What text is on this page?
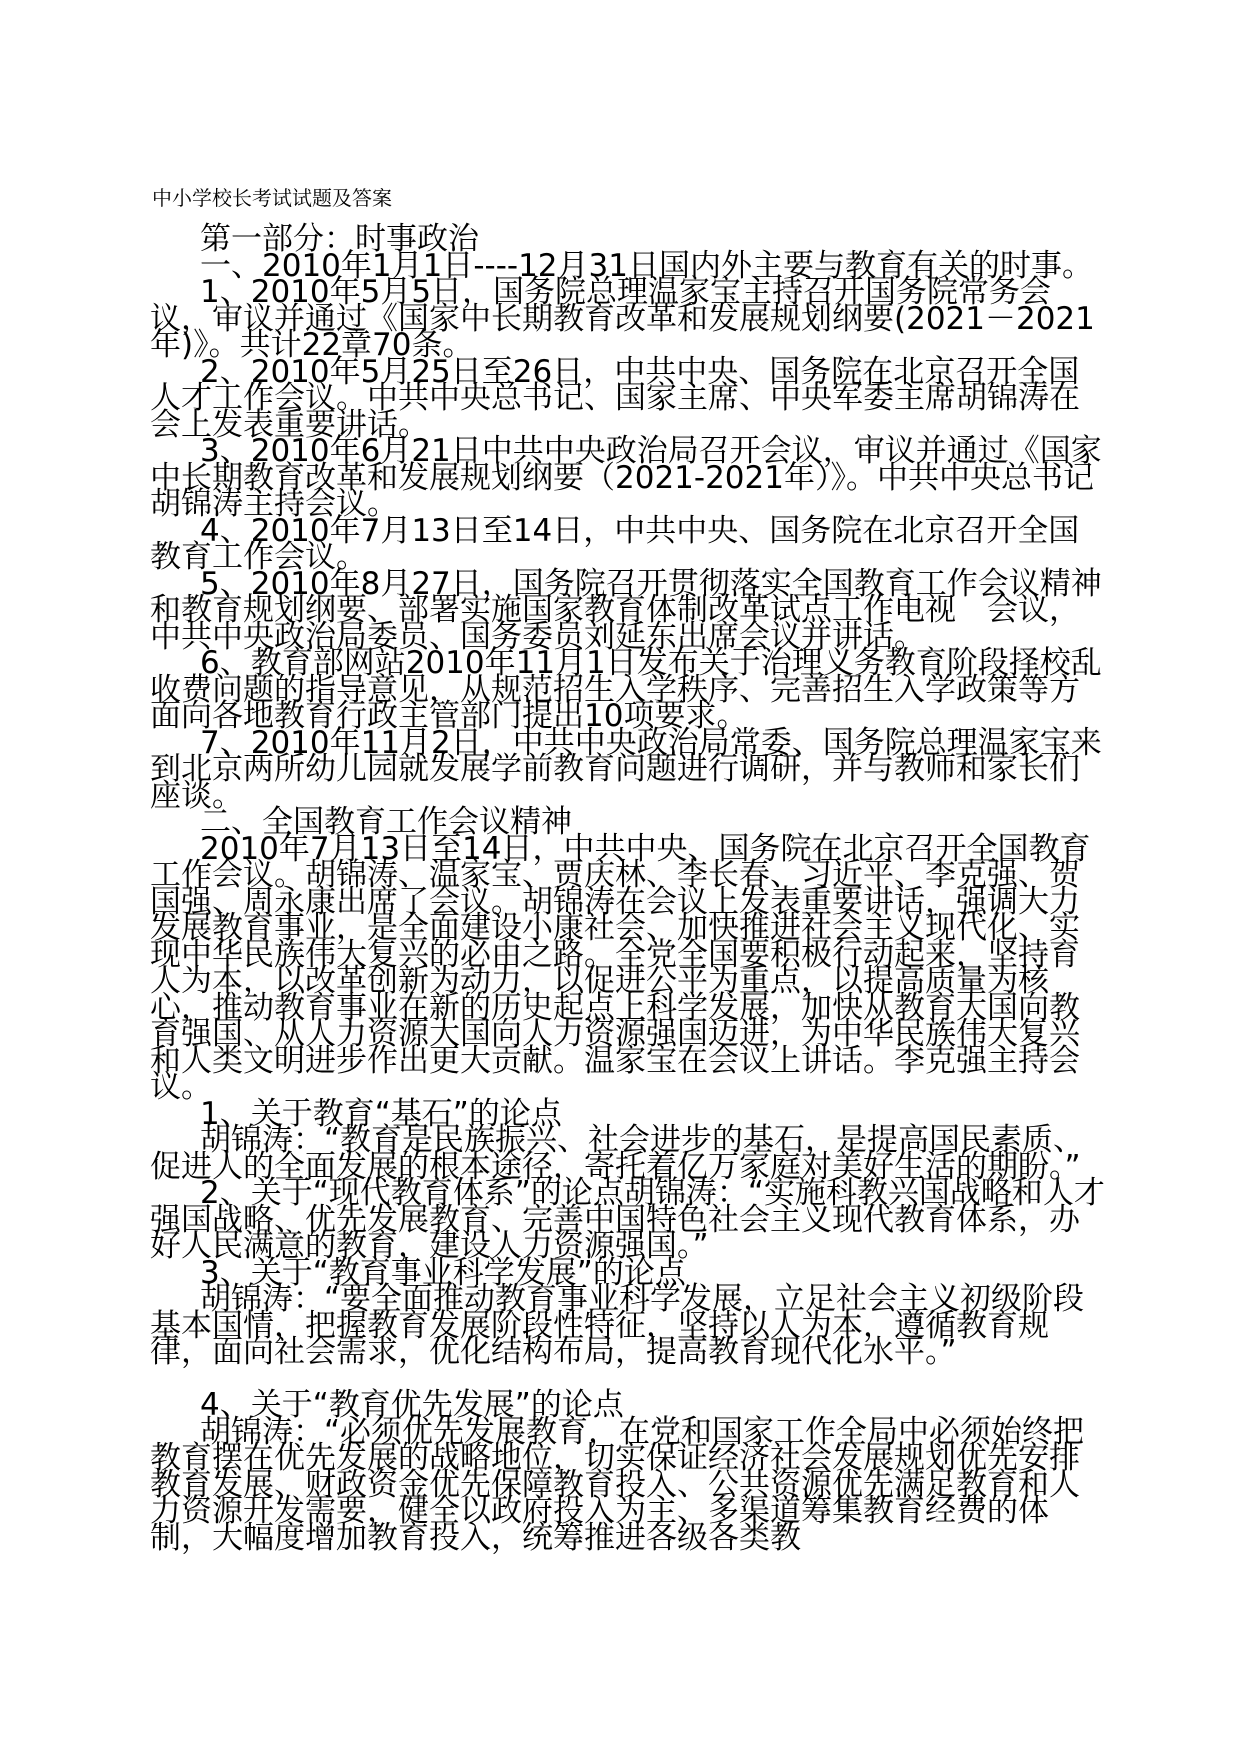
中小学校长考试试题及答案

第一部分：时事政治

一、2010年1月1日----12月31日国内外主要与教育有关的时事。

1、2010年5月5日，国务院总理温家宝主持召开国务院常务会议，审议并通过《国家中长期教育改革和发展规划纲要(2021－2021年)》。共计22章70条。

2、2010年5月25日至26日，中共中央、国务院在北京召开全国人才工作会议。中共中央总书记、国家主席、中央军委主席胡锦涛在会上发表重要讲话。

3、2010年6月21日中共中央政治局召开会议，审议并通过《国家中长期教育改革和发展规划纲要（2021-2021年）》。中共中央总书记胡锦涛主持会议。

4、2010年7月13日至14日，中共中央、国务院在北京召开全国教育工作会议。

5、2010年8月27日，国务院召开贯彻落实全国教育工作会议精神和教育规划纲要、部署实施国家教育体制改革试点工作电视　会议，中共中央政治局委员、国务委员刘延东出席会议并讲话。

6、教育部网站2010年11月1日发布关于治理义务教育阶段择校乱收费问题的指导意见，从规范招生入学秩序、完善招生入学政策等方面向各地教育行政主管部门提出10项要求。

7、2010年11月2日，中共中央政治局常委、国务院总理温家宝来到北京两所幼儿园就发展学前教育问题进行调研，并与教师和家长们座谈。

二、全国教育工作会议精神

2010年7月13日至14日，中共中央、国务院在北京召开全国教育工作会议。胡锦涛、温家宝、贾庆林、李长春、习近平、李克强、贺国强、周永康出席了会议。胡锦涛在会议上发表重要讲话，强调大力发展教育事业，是全面建设小康社会、加快推进社会主义现代化、实现中华民族伟大复兴的必由之路。全党全国要积极行动起来，坚持育人为本，以改革创新为动力，以促进公平为重点，以提高质量为核心，推动教育事业在新的历史起点上科学发展，加快从教育大国向教育强国、从人力资源大国向人力资源强国迈进，为中华民族伟大复兴和人类文明进步作出更大贡献。温家宝在会议上讲话。李克强主持会议。

1、关于教育“基石”的论点

胡锦涛：“教育是民族振兴、社会进步的基石，是提高国民素质、促进人的全面发展的根本途径，寄托着亿万家庭对美好生活的期盼。”

2、关于“现代教育体系”的论点胡锦涛：“实施科教兴国战略和人才强国战略、优先发展教育、完善中国特色社会主义现代教育体系，办好人民满意的教育，建设人力资源强国。”

3、关于“教育事业科学发展”的论点

胡锦涛：“要全面推动教育事业科学发展，立足社会主义初级阶段基本国情，把握教育发展阶段性特征，坚持以人为本，遵循教育规律，面向社会需求，优化结构布局，提高教育现代化水平。”

4、关于“教育优先发展”的论点

胡锦涛：“必须优先发展教育，在党和国家工作全局中必须始终把教育摆在优先发展的战略地位，切实保证经济社会发展规划优先安排教育发展、财政资金优先保障教育投入、公共资源优先满足教育和人力资源开发需要，健全以政府投入为主、多渠道筹集教育经费的体制，大幅度增加教育投入，统筹推进各级各类教
